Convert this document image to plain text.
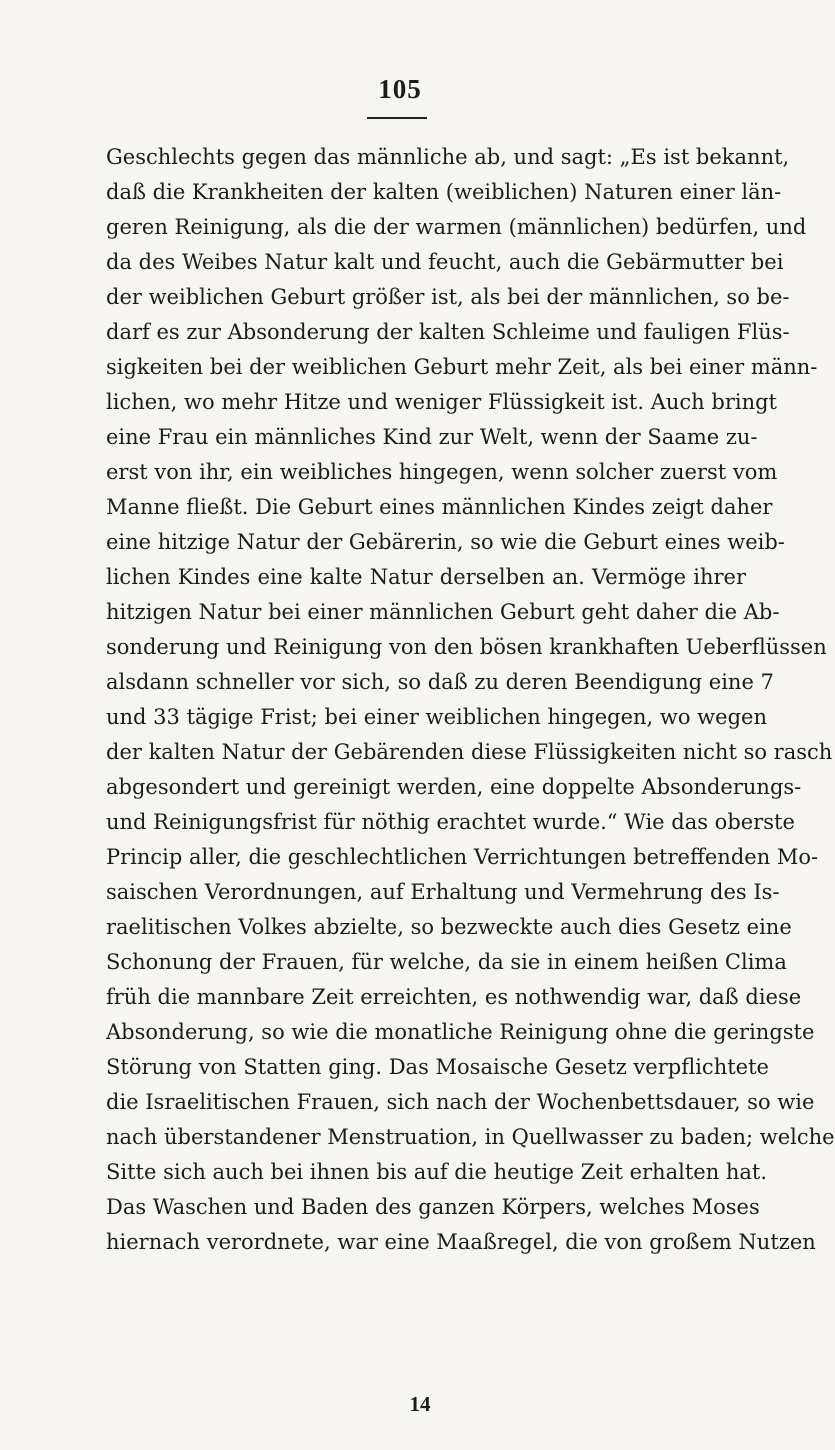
105
Geschlechts gegen das männliche ab, und sagt: „Es ist bekannt,
daß die Krankheiten der kalten (weiblichen) Naturen einer län-
geren Reinigung, als die der warmen (männlichen) bedürfen, und
da des Weibes Natur kalt und feucht, auch die Gebärmutter bei
der weiblichen Geburt größer ist, als bei der männlichen, so be-
darf es zur Absonderung der kalten Schleime und fauligen Flüs-
sigkeiten bei der weiblichen Geburt mehr Zeit, als bei einer männ-
lichen, wo mehr Hitze und weniger Flüssigkeit ist. Auch bringt
eine Frau ein männliches Kind zur Welt, wenn der Saame zu-
erst von ihr, ein weibliches hingegen, wenn solcher zuerst vom
Manne fließt. Die Geburt eines männlichen Kindes zeigt daher
eine hitzige Natur der Gebärerin, so wie die Geburt eines weib-
lichen Kindes eine kalte Natur derselben an. Vermöge ihrer
hitzigen Natur bei einer männlichen Geburt geht daher die Ab-
sonderung und Reinigung von den bösen krankhaften Ueberflüssen
alsdann schneller vor sich, so daß zu deren Beendigung eine 7
und 33 tägige Frist; bei einer weiblichen hingegen, wo wegen
der kalten Natur der Gebärenden diese Flüssigkeiten nicht so rasch
abgesondert und gereinigt werden, eine doppelte Absonderungs-
und Reinigungsfrist für nöthig erachtet wurde.“ Wie das oberste
Princip aller, die geschlechtlichen Verrichtungen betreffenden Mo-
saischen Verordnungen, auf Erhaltung und Vermehrung des Is-
raelitischen Volkes abzielte, so bezweckte auch dies Gesetz eine
Schonung der Frauen, für welche, da sie in einem heißen Clima
früh die mannbare Zeit erreichten, es nothwendig war, daß diese
Absonderung, so wie die monatliche Reinigung ohne die geringste
Störung von Statten ging. Das Mosaische Gesetz verpflichtete
die Israelitischen Frauen, sich nach der Wochenbettsdauer, so wie
nach überstandener Menstruation, in Quellwasser zu baden; welche
Sitte sich auch bei ihnen bis auf die heutige Zeit erhalten hat.
Das Waschen und Baden des ganzen Körpers, welches Moses
hiernach verordnete, war eine Maaßregel, die von großem Nutzen
14
